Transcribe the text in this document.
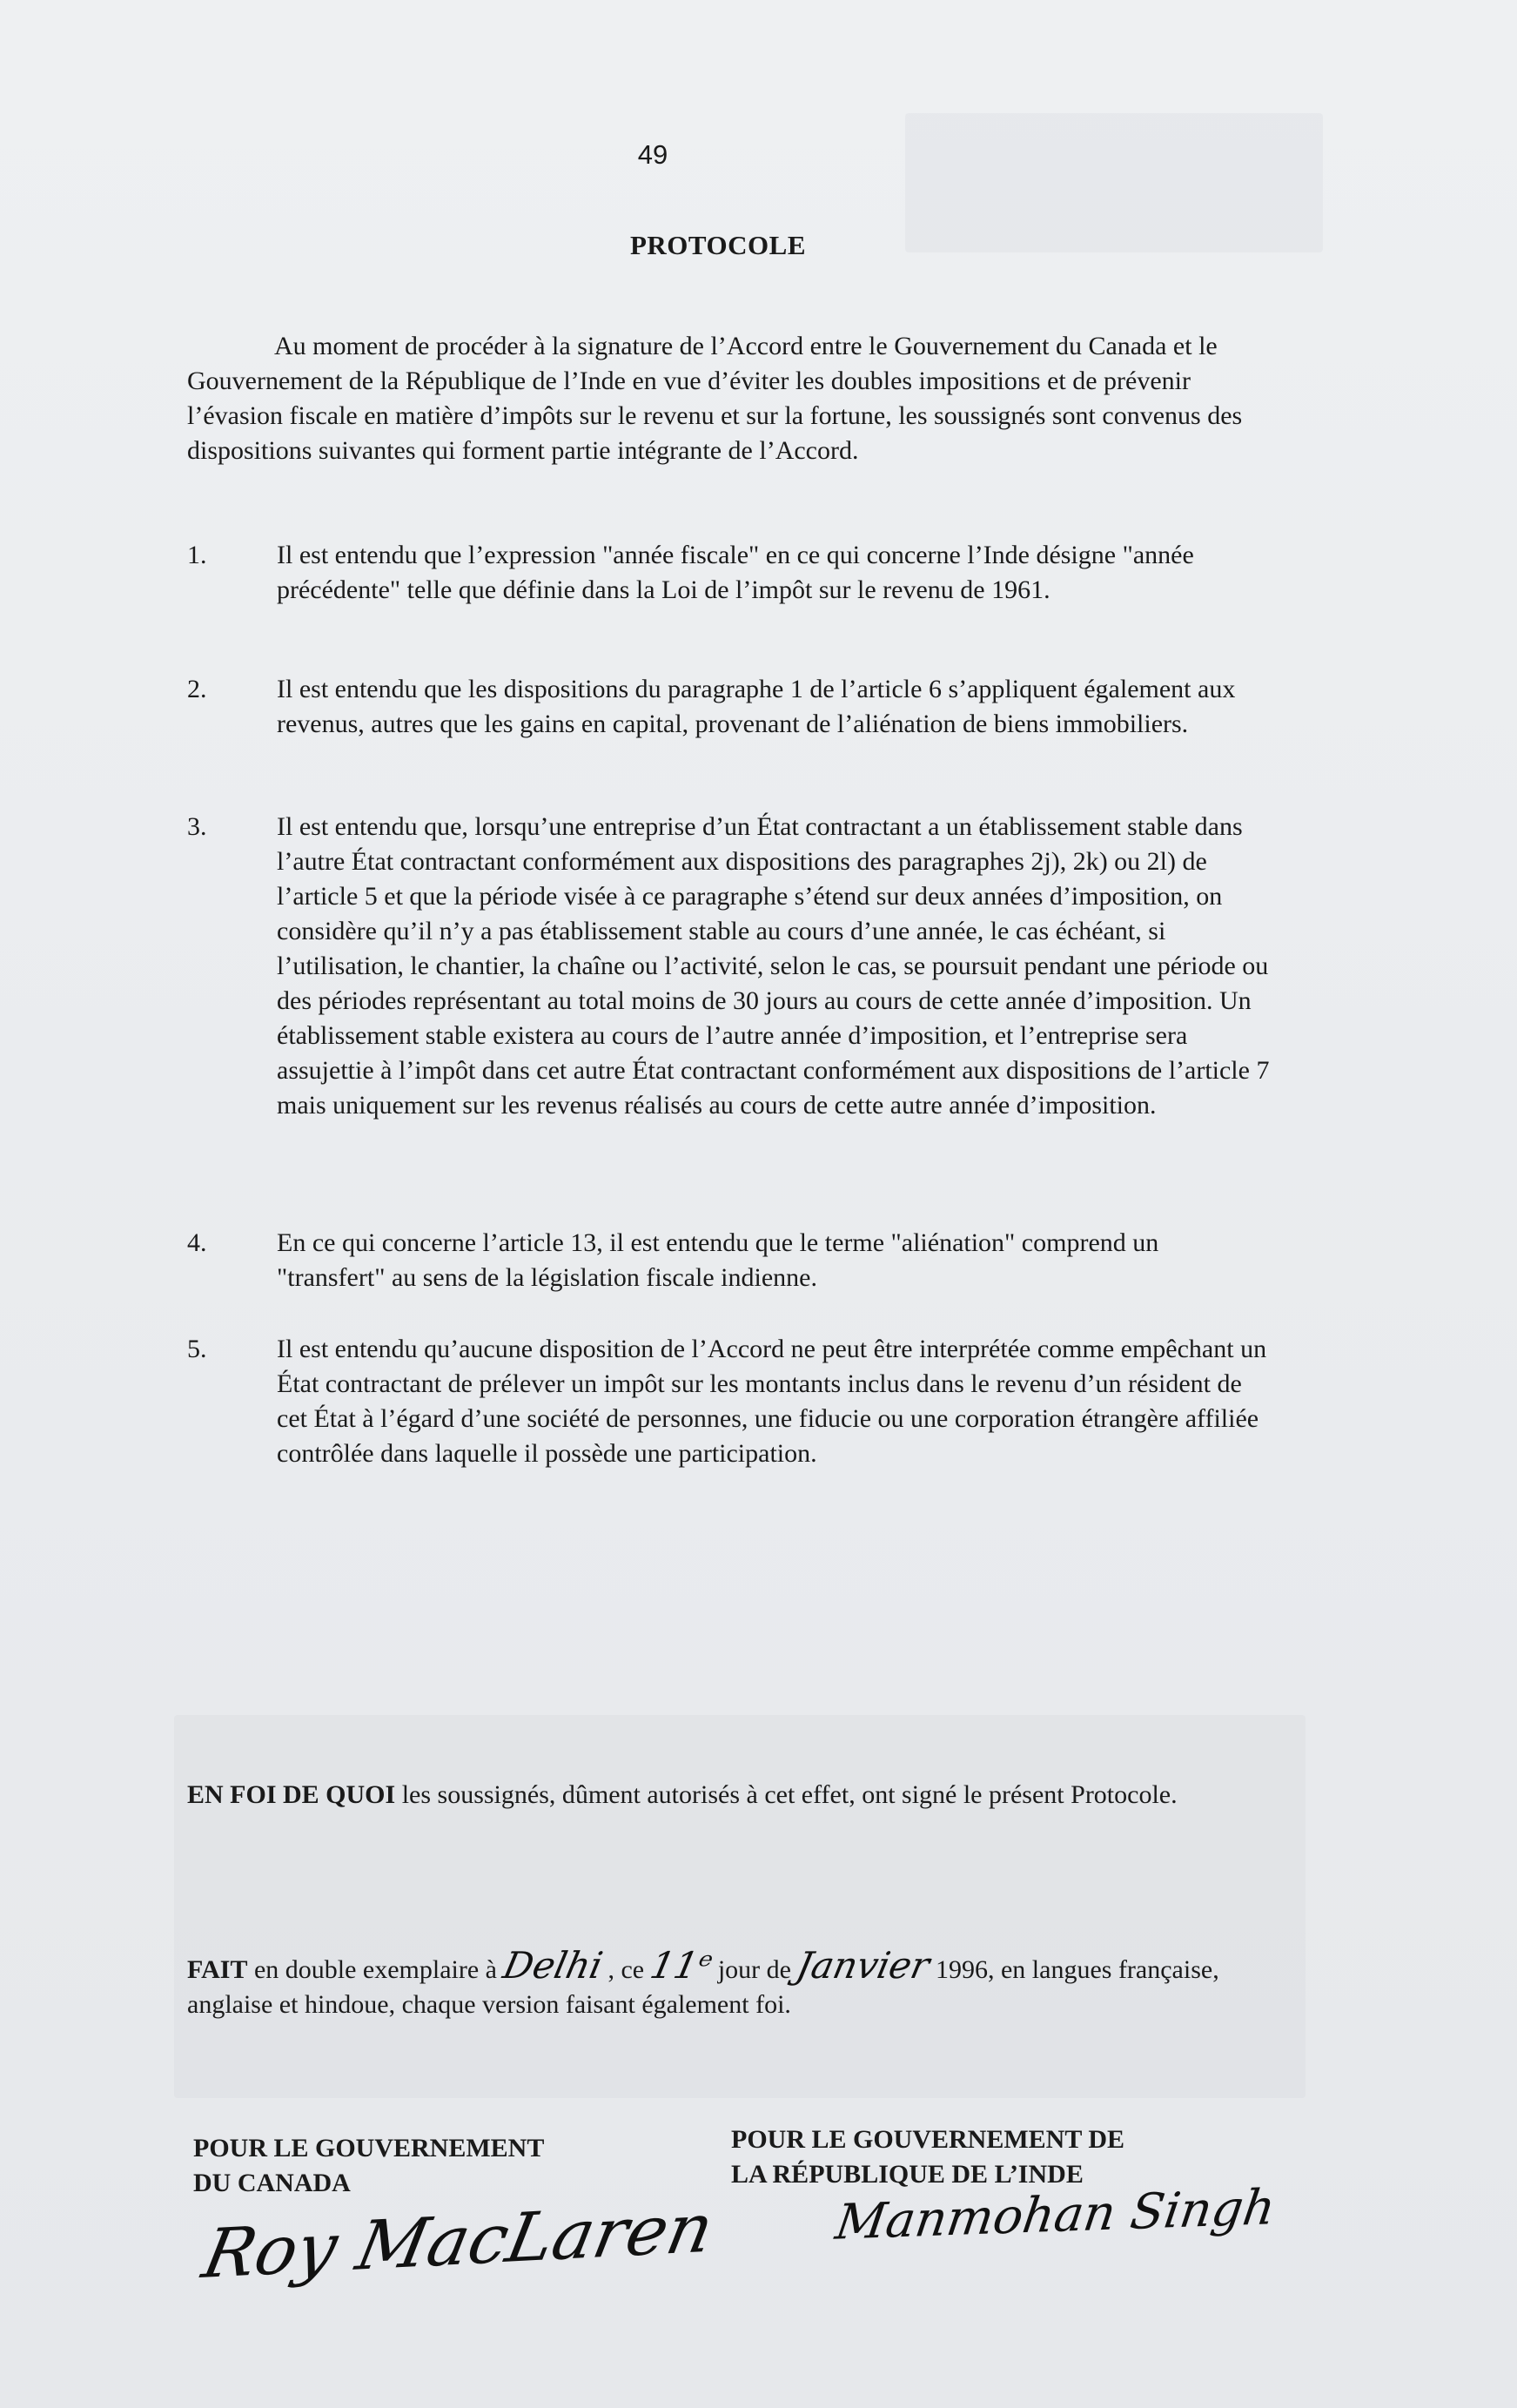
49
PROTOCOLE
Au moment de procéder à la signature de l’Accord entre le Gouvernement du Canada et le Gouvernement de la République de l’Inde en vue d’éviter les doubles impositions et de prévenir l’évasion fiscale en matière d’impôts sur le revenu et sur la fortune, les soussignés sont convenus des dispositions suivantes qui forment partie intégrante de l’Accord.
1.	Il est entendu que l’expression "année fiscale" en ce qui concerne l’Inde désigne "année précédente" telle que définie dans la Loi de l’impôt sur le revenu de 1961.
2.	Il est entendu que les dispositions du paragraphe 1 de l’article 6 s’appliquent également aux revenus, autres que les gains en capital, provenant de l’aliénation de biens immobiliers.
3.	Il est entendu que, lorsqu’une entreprise d’un État contractant a un établissement stable dans l’autre État contractant conformément aux dispositions des paragraphes 2j), 2k) ou 2l) de l’article 5 et que la période visée à ce paragraphe s’étend sur deux années d’imposition, on considère qu’il n’y a pas établissement stable au cours d’une année, le cas échéant, si l’utilisation, le chantier, la chaîne ou l’activité, selon le cas, se poursuit pendant une période ou des périodes représentant au total moins de 30 jours au cours de cette année d’imposition. Un établissement stable existera au cours de l’autre année d’imposition, et l’entreprise sera assujettie à l’impôt dans cet autre État contractant conformément aux dispositions de l’article 7 mais uniquement sur les revenus réalisés au cours de cette autre année d’imposition.
4.	En ce qui concerne l’article 13, il est entendu que le terme "aliénation" comprend un "transfert" au sens de la législation fiscale indienne.
5.	Il est entendu qu’aucune disposition de l’Accord ne peut être interprétée comme empêchant un État contractant de prélever un impôt sur les montants inclus dans le revenu d’un résident de cet État à l’égard d’une société de personnes, une fiducie ou une corporation étrangère affiliée contrôlée dans laquelle il possède une participation.
EN FOI DE QUOI les soussignés, dûment autorisés à cet effet, ont signé le présent Protocole.
FAIT en double exemplaire à Delhi , ce 11ᵉ jour de Janvier 1996, en langues française, anglaise et hindoue, chaque version faisant également foi.
POUR LE GOUVERNEMENT
DU CANADA
POUR LE GOUVERNEMENT DE
LA RÉPUBLIQUE DE L’INDE
Roy MacLaren Manmohan Singh
